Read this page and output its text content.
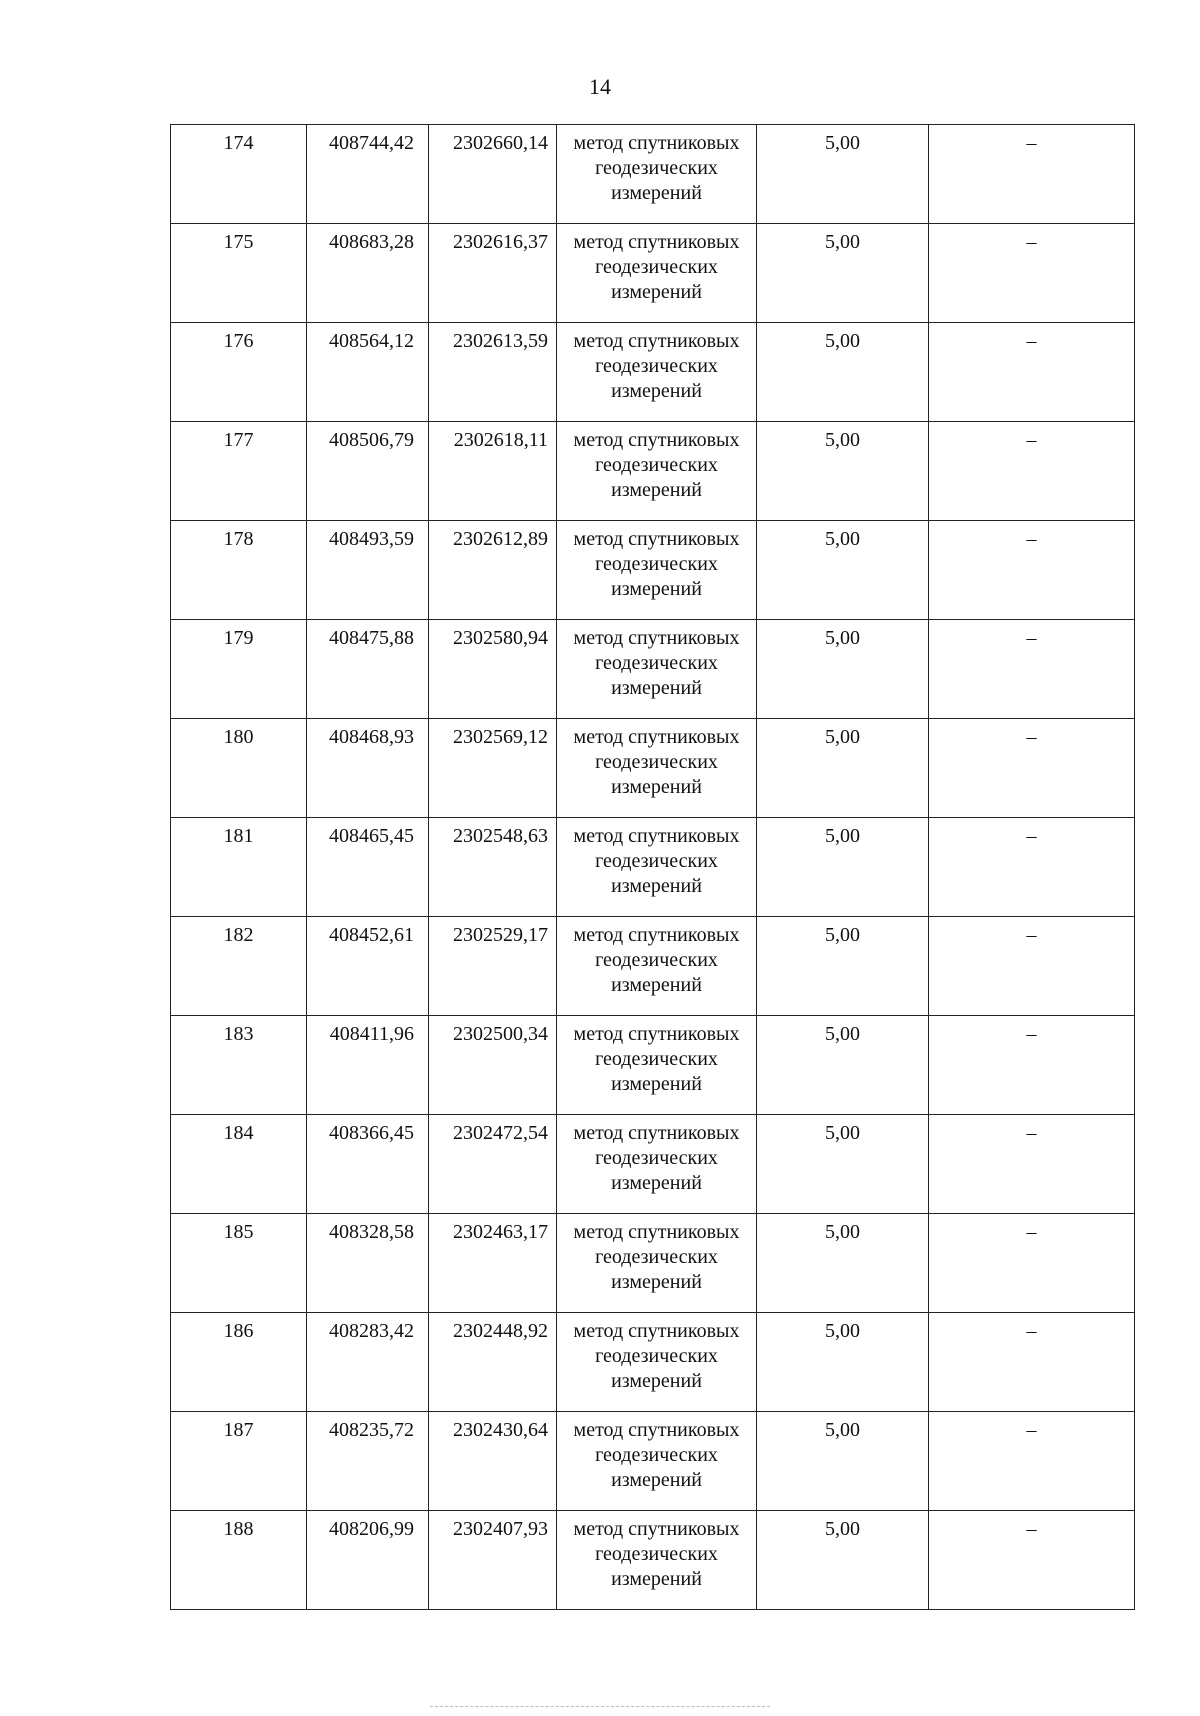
14
174	408744,42	2302660,14	метод спутниковых геодезических измерений	5,00	–
175	408683,28	2302616,37	метод спутниковых геодезических измерений	5,00	–
176	408564,12	2302613,59	метод спутниковых геодезических измерений	5,00	–
177	408506,79	2302618,11	метод спутниковых геодезических измерений	5,00	–
178	408493,59	2302612,89	метод спутниковых геодезических измерений	5,00	–
179	408475,88	2302580,94	метод спутниковых геодезических измерений	5,00	–
180	408468,93	2302569,12	метод спутниковых геодезических измерений	5,00	–
181	408465,45	2302548,63	метод спутниковых геодезических измерений	5,00	–
182	408452,61	2302529,17	метод спутниковых геодезических измерений	5,00	–
183	408411,96	2302500,34	метод спутниковых геодезических измерений	5,00	–
184	408366,45	2302472,54	метод спутниковых геодезических измерений	5,00	–
185	408328,58	2302463,17	метод спутниковых геодезических измерений	5,00	–
186	408283,42	2302448,92	метод спутниковых геодезических измерений	5,00	–
187	408235,72	2302430,64	метод спутниковых геодезических измерений	5,00	–
188	408206,99	2302407,93	метод спутниковых геодезических измерений	5,00	–
